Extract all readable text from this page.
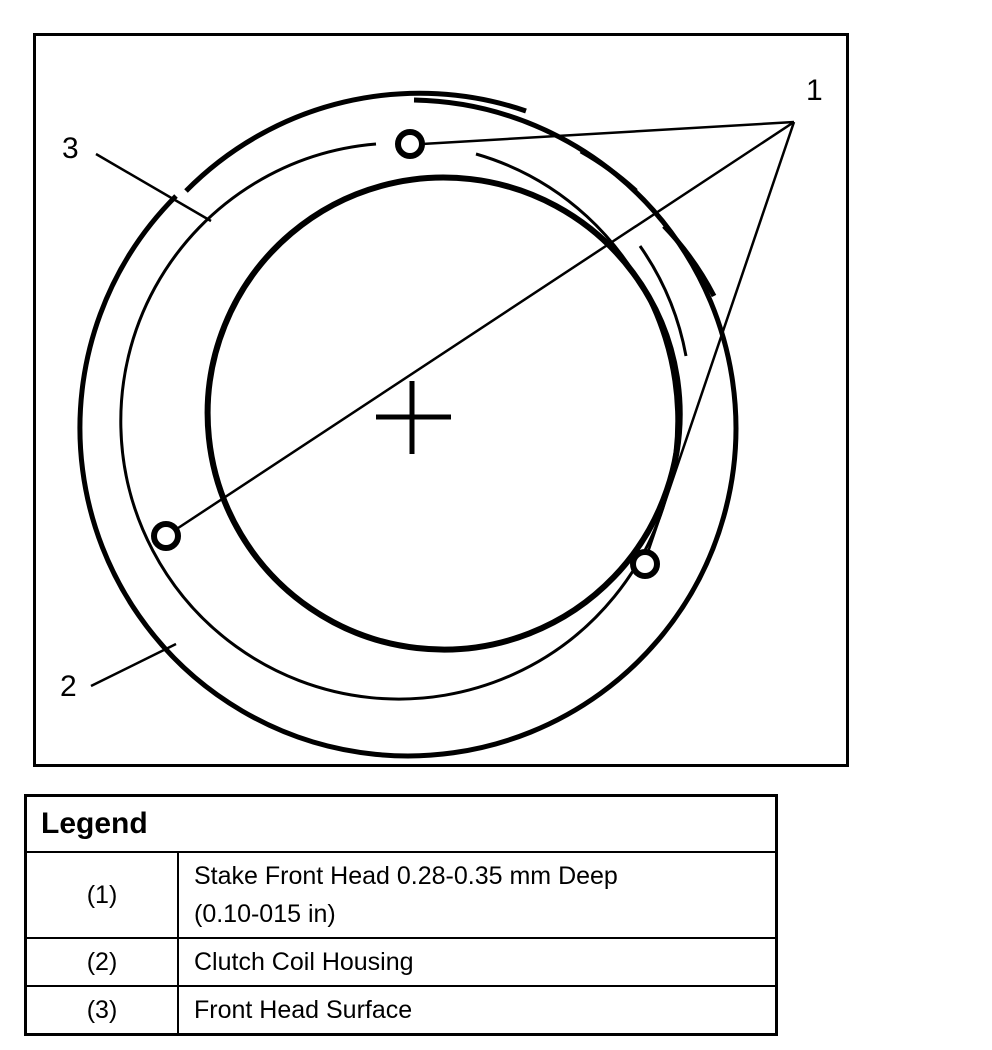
1
3
2
Legend	
(1)	Stake Front Head 0.28-0.35 mm Deep
(0.10-015 in)

(2)	Clutch Coil Housing
(3)	Front Head Surface
